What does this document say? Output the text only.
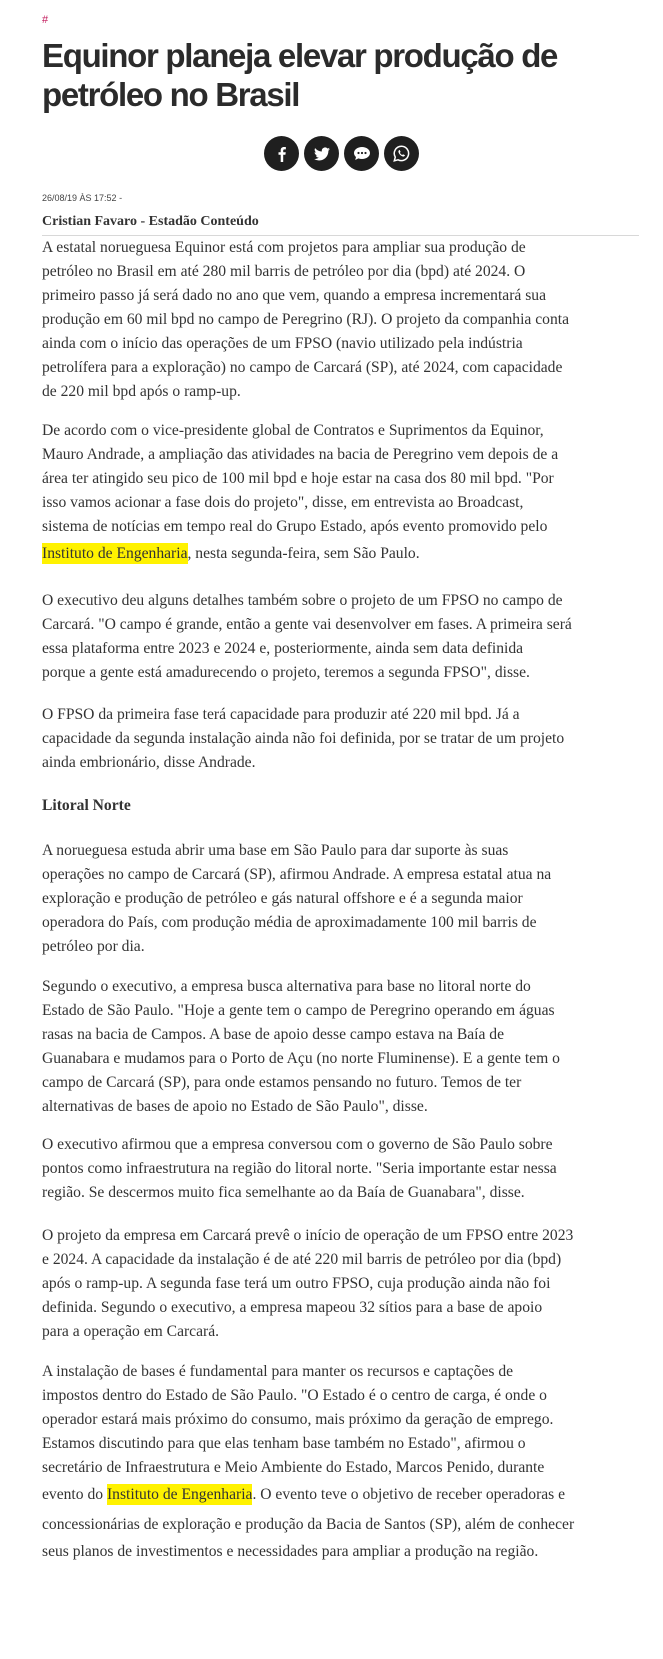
#
Equinor planeja elevar produção de petróleo no Brasil
26/08/19 ÀS 17:52 -
Cristian Favaro - Estadão Conteúdo
A estatal norueguesa Equinor está com projetos para ampliar sua produção de
petróleo no Brasil em até 280 mil barris de petróleo por dia (bpd) até 2024. O
primeiro passo já será dado no ano que vem, quando a empresa incrementará sua
produção em 60 mil bpd no campo de Peregrino (RJ). O projeto da companhia conta
ainda com o início das operações de um FPSO (navio utilizado pela indústria
petrolífera para a exploração) no campo de Carcará (SP), até 2024, com capacidade
de 220 mil bpd após o ramp-up.
De acordo com o vice-presidente global de Contratos e Suprimentos da Equinor,
Mauro Andrade, a ampliação das atividades na bacia de Peregrino vem depois de a
área ter atingido seu pico de 100 mil bpd e hoje estar na casa dos 80 mil bpd. "Por
isso vamos acionar a fase dois do projeto", disse, em entrevista ao Broadcast,
sistema de notícias em tempo real do Grupo Estado, após evento promovido pelo
Instituto de Engenharia, nesta segunda-feira, sem São Paulo.
O executivo deu alguns detalhes também sobre o projeto de um FPSO no campo de
Carcará. "O campo é grande, então a gente vai desenvolver em fases. A primeira será
essa plataforma entre 2023 e 2024 e, posteriormente, ainda sem data definida
porque a gente está amadurecendo o projeto, teremos a segunda FPSO", disse.
O FPSO da primeira fase terá capacidade para produzir até 220 mil bpd. Já a
capacidade da segunda instalação ainda não foi definida, por se tratar de um projeto
ainda embrionário, disse Andrade.
Litoral Norte
A norueguesa estuda abrir uma base em São Paulo para dar suporte às suas
operações no campo de Carcará (SP), afirmou Andrade. A empresa estatal atua na
exploração e produção de petróleo e gás natural offshore e é a segunda maior
operadora do País, com produção média de aproximadamente 100 mil barris de
petróleo por dia.
Segundo o executivo, a empresa busca alternativa para base no litoral norte do
Estado de São Paulo. "Hoje a gente tem o campo de Peregrino operando em águas
rasas na bacia de Campos. A base de apoio desse campo estava na Baía de
Guanabara e mudamos para o Porto de Açu (no norte Fluminense). E a gente tem o
campo de Carcará (SP), para onde estamos pensando no futuro. Temos de ter
alternativas de bases de apoio no Estado de São Paulo", disse.
O executivo afirmou que a empresa conversou com o governo de São Paulo sobre
pontos como infraestrutura na região do litoral norte. "Seria importante estar nessa
região. Se descermos muito fica semelhante ao da Baía de Guanabara", disse.
O projeto da empresa em Carcará prevê o início de operação de um FPSO entre 2023
e 2024. A capacidade da instalação é de até 220 mil barris de petróleo por dia (bpd)
após o ramp-up. A segunda fase terá um outro FPSO, cuja produção ainda não foi
definida. Segundo o executivo, a empresa mapeou 32 sítios para a base de apoio
para a operação em Carcará.
A instalação de bases é fundamental para manter os recursos e captações de
impostos dentro do Estado de São Paulo. "O Estado é o centro de carga, é onde o
operador estará mais próximo do consumo, mais próximo da geração de emprego.
Estamos discutindo para que elas tenham base também no Estado", afirmou o
secretário de Infraestrutura e Meio Ambiente do Estado, Marcos Penido, durante
evento do Instituto de Engenharia. O evento teve o objetivo de receber operadoras e
concessionárias de exploração e produção da Bacia de Santos (SP), além de conhecer
seus planos de investimentos e necessidades para ampliar a produção na região.
